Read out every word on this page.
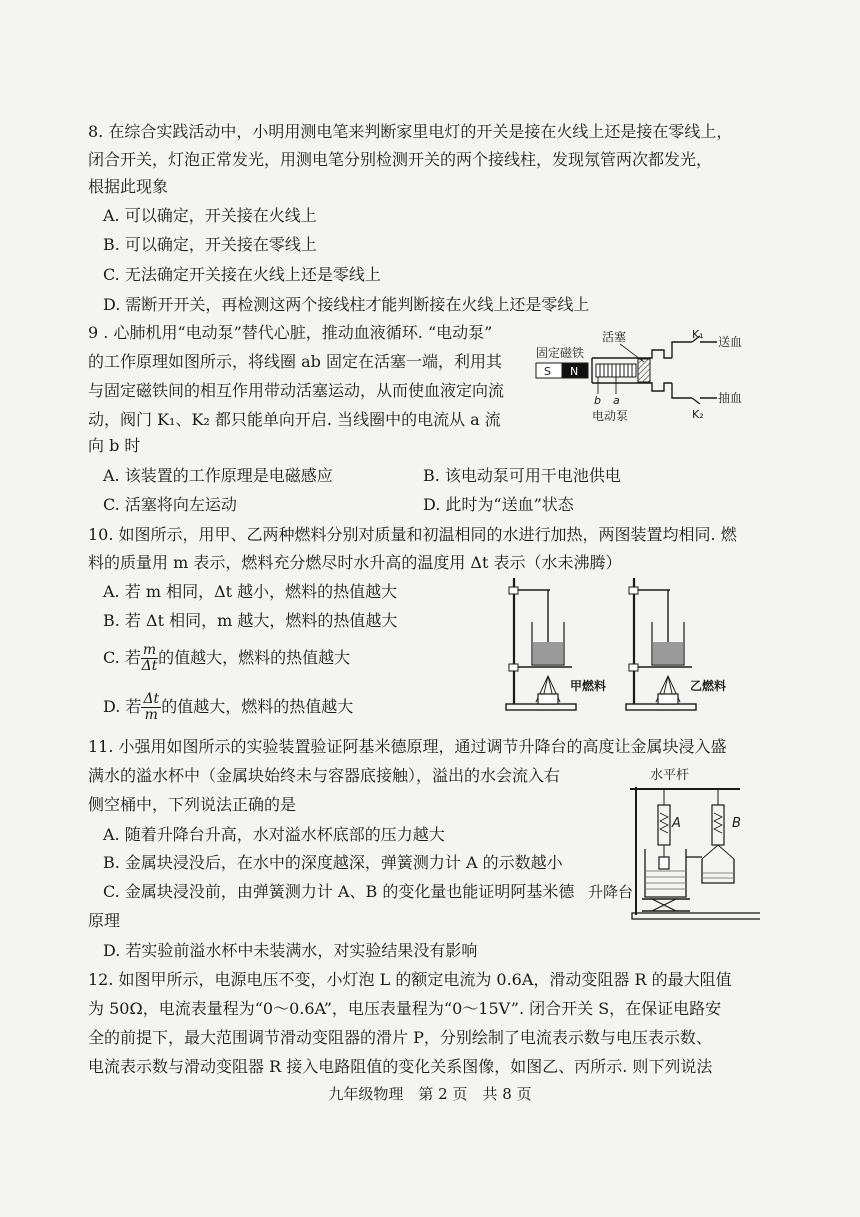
8. 在综合实践活动中，小明用测电笔来判断家里电灯的开关是接在火线上还是接在零线上，
闭合开关，灯泡正常发光，用测电笔分别检测开关的两个接线柱，发现氖管两次都发光，
根据此现象
A. 可以确定，开关接在火线上
B. 可以确定，开关接在零线上
C. 无法确定开关接在火线上还是零线上
D. 需断开开关，再检测这两个接线柱才能判断接在火线上还是零线上
9 . 心肺机用“电动泵”替代心脏，推动血液循环. “电动泵”
的工作原理如图所示，将线圈 ab 固定在活塞一端，利用其
与固定磁铁间的相互作用带动活塞运动，从而使血液定向流
动，阀门 K₁、K₂ 都只能单向开启. 当线圈中的电流从 a 流
向 b 时
A. 该装置的工作原理是电磁感应	B. 该电动泵可用干电池供电
C. 活塞将向左运动	D. 此时为“送血”状态
固定磁铁
活塞
S N
b a
电动泵
K₁
送血
K₂
抽血
10. 如图所示，用甲、乙两种燃料分别对质量和初温相同的水进行加热，两图装置均相同. 燃
料的质量用 m 表示，燃料充分燃尽时水升高的温度用 Δt 表示（水未沸腾）
A. 若 m 相同，Δt 越小，燃料的热值越大
B. 若 Δt 相同，m 越大，燃料的热值越大
C. 若 $\frac{m}{\Delta t}$ 的值越大，燃料的热值越大
D. 若 $\frac{\Delta t}{m}$ 的值越大，燃料的热值越大
甲燃料	乙燃料
11. 小强用如图所示的实验装置验证阿基米德原理，通过调节升降台的高度让金属块浸入盛
满水的溢水杯中（金属块始终未与容器底接触），溢出的水会流入右
侧空桶中，下列说法正确的是
A. 随着升降台升高，水对溢水杯底部的压力越大
B. 金属块浸没后，在水中的深度越深，弹簧测力计 A 的示数越小
C. 金属块浸没前，由弹簧测力计 A、B 的变化量也能证明阿基米德
原理
D. 若实验前溢水杯中未装满水，对实验结果没有影响
水平杆
A	B
升降台
12. 如图甲所示，电源电压不变，小灯泡 L 的额定电流为 0.6A，滑动变阻器 R 的最大阻值
为 50Ω，电流表量程为“0～0.6A”，电压表量程为“0～15V”. 闭合开关 S，在保证电路安
全的前提下，最大范围调节滑动变阻器的滑片 P，分别绘制了电流表示数与电压表示数、
电流表示数与滑动变阻器 R 接入电路阻值的变化关系图像，如图乙、丙所示. 则下列说法
九年级物理　第 2 页　共 8 页
